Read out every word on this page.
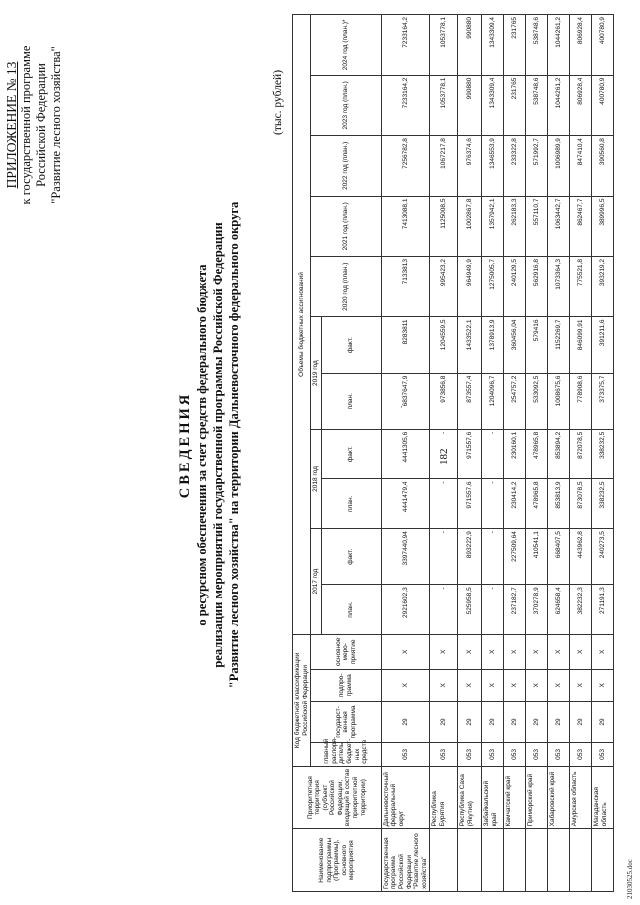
21030525.doc
182
.
ПРИЛОЖЕНИЕ № 13 к государственной программе Российской Федерации "Развитие лесного хозяйства"
СВЕДЕНИЯ о ресурсном обеспечении за счет средств федерального бюджета реализации мероприятий государственной программы Российской Федерации "Развитие лесного хозяйства" на территории Дальневосточного федерального округа
(тыс. рублей)
Наименование подпрограммы (Программы), основного мероприятия	Приоритетная территория (субъект Российской Федерации, входящий в состав приоритетной территории)	Код бюджетной классификации Российской Федерации				Объемы бюджетных ассигнований										
		главный распоря- дитель бюджет- ных средств	государст- венная программа	подпро- грамма	основное меро- приятие	2017 год		2018 год		2019 год		2020 год (план.)	2021 год (план.)	2022 год (план.)	2023 год (план.)	2024 год (план.)*
						план.	факт.	план.	факт.	план.	факт.					
Государственная программа Российской Федерации "Развитие лесного хозяйства"	Дальневосточный федеральный округ	053	29	Х	Х	2921602,3	3397440,94	4441479,4	4441305,6	6837647,9	8283811	7133813	7413088,1	7256782,8	7233164,2	7233164,2
	Республика Бурятия	053	29	Х	Х	-	-	-	-	973856,8	1204559,5	995423,2	1125008,5	1067217,8	1053778,1	1053778,1
	Республика Саха (Якутия)	053	29	Х	Х	525958,5	893222,9	971557,6	971557,6	873557,4	1433522,1	964949,9	1002867,8	976374,6	990880	990880
	Забайкальский край	053	29	Х	Х	-	-	-	-	1204096,7	1378913,9	1275005,7	1357942,1	1346553,9	1343309,4	1343309,4
	Камчатский край	053	29	Х	Х	237182,7	227509,64	230414,2	230160,1	254757,2	360456,04	240129,5	262183,3	233322,8	231765	231765
	Приморский край	053	29	Х	Х	370278,9	410541,1	478965,8	478965,8	533092,5	579416	562916,8	557110,7	571992,7	538748,6	538748,6
	Хабаровский край	053	29	Х	Х	624658,4	668407,5	853813,9	853894,2	1008675,6	1152269,7	1073364,3	1063442,7	1006989,9	1044261,2	1044261,2
	Амурская область	053	29	Х	Х	382232,3	443962,8	873078,5	872078,5	778908,6	846099,91	775521,8	862467,7	847410,4	806928,4	806928,4
	Магаданская область	053	29	Х	Х	271191,3	240273,5	338232,5	338232,5	373375,7	391211,6	393219,2	389996,5	390560,8	400780,9	400780,9
